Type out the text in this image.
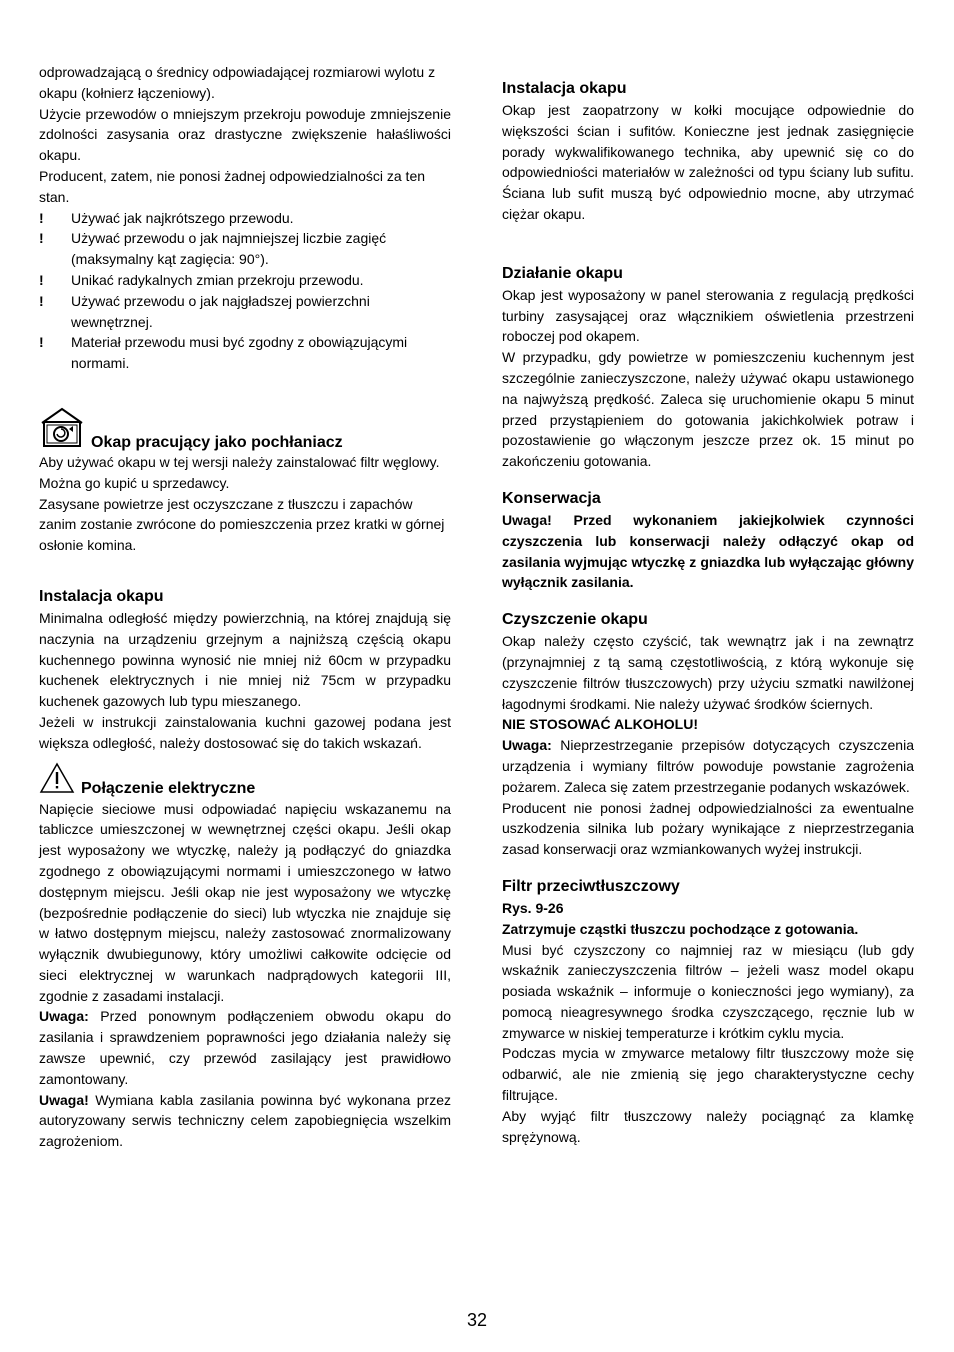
odprowadzającą o średnicy odpowiadającej rozmiarowi wylotu z okapu (kołnierz łączeniowy).

Użycie przewodów o mniejszym przekroju powoduje zmniejszenie zdolności zasysania oraz drastyczne zwiększenie hałaśliwości okapu.

Producent, zatem, nie ponosi żadnej odpowiedzialności za ten stan.

!	Używać jak najkrótszego przewodu.
!	Używać przewodu o jak najmniejszej liczbie zagięć (maksymalny kąt zagięcia: 90°).
!	Unikać radykalnych zmian przekroju przewodu.
!	Używać przewodu o jak najgładszej powierzchni wewnętrznej.
!	Materiał przewodu musi być zgodny z obowiązującymi normami.
Okap pracujący jako pochłaniacz

Aby używać okapu w tej wersji należy zainstalować filtr węglowy.

Można go kupić u sprzedawcy.

Zasysane powietrze jest oczyszczane z tłuszczu i zapachów zanim zostanie zwrócone do pomieszczenia przez kratki w górnej osłonie komina.

Instalacja okapu

Minimalna odległość między powierzchnią, na której znajdują się naczynia na urządzeniu grzejnym a najniższą częścią okapu kuchennego powinna wynosić nie mniej niż 60cm w przypadku kuchenek elektrycznych i nie mniej niż 75cm w przypadku kuchenek gazowych lub typu mieszanego.

Jeżeli w instrukcji zainstalowania kuchni gazowej podana jest większa odległość, należy dostosować się do takich wskazań.

Połączenie elektryczne

Napięcie sieciowe musi odpowiadać napięciu wskazanemu na tabliczce umieszczonej w wewnętrznej części okapu. Jeśli okap jest wyposażony we wtyczkę, należy ją podłączyć do gniazdka zgodnego z obowiązującymi normami i umieszczonego w łatwo dostępnym miejscu. Jeśli okap nie jest wyposażony we wtyczkę (bezpośrednie podłączenie do sieci) lub wtyczka nie znajduje się w łatwo dostępnym miejscu, należy zastosować znormalizowany wyłącznik dwubiegunowy, który umożliwi całkowite odcięcie od sieci elektrycznej w warunkach nadprądowych kategorii III, zgodnie z zasadami instalacji.

Uwaga: Przed ponownym podłączeniem obwodu okapu do zasilania i sprawdzeniem poprawności jego działania należy się zawsze upewnić, czy przewód zasilający jest prawidłowo zamontowany.

Uwaga! Wymiana kabla zasilania powinna być wykonana przez autoryzowany serwis techniczny celem zapobiegnięcia wszelkim zagrożeniom.

Instalacja okapu

Okap jest zaopatrzony w kołki mocujące odpowiednie do większości ścian i sufitów. Konieczne jest jednak zasięgnięcie porady wykwalifikowanego technika, aby upewnić się co do odpowiedniości materiałów w zależności od typu ściany lub sufitu. Ściana lub sufit muszą być odpowiednio mocne, aby utrzymać ciężar okapu.

Działanie okapu

Okap jest wyposażony w panel sterowania z regulacją prędkości turbiny zasysającej oraz włącznikiem oświetlenia przestrzeni roboczej pod okapem.

W przypadku, gdy powietrze w pomieszczeniu kuchennym jest szczególnie zanieczyszczone, należy używać okapu ustawionego na najwyższą prędkość. Zaleca się uruchomienie okapu 5 minut przed przystąpieniem do gotowania jakichkolwiek potraw i pozostawienie go włączonym jeszcze przez ok. 15 minut po zakończeniu gotowania.

Konserwacja

Uwaga! Przed wykonaniem jakiejkolwiek czynności czyszczenia lub konserwacji należy odłączyć okap od zasilania wyjmując wtyczkę z gniazdka lub wyłączając główny wyłącznik zasilania.

Czyszczenie okapu

Okap należy często czyścić, tak wewnątrz jak i na zewnątrz (przynajmniej z tą samą częstotliwością, z którą wykonuje się czyszczenie filtrów tłuszczowych) przy użyciu szmatki nawilżonej łagodnymi środkami. Nie należy używać środków ściernych.

NIE STOSOWAĆ ALKOHOLU!

Uwaga: Nieprzestrzeganie przepisów dotyczących czyszczenia urządzenia i wymiany filtrów powoduje powstanie zagrożenia pożarem. Zaleca się zatem przestrzeganie podanych wskazówek.

Producent nie ponosi żadnej odpowiedzialności za ewentualne uszkodzenia silnika lub pożary wynikające z nieprzestrzegania zasad konserwacji oraz wzmiankowanych wyżej instrukcji.

Filtr przeciwtłuszczowy

Rys. 9-26

Zatrzymuje cząstki tłuszczu pochodzące z gotowania.

Musi być czyszczony co najmniej raz w miesiącu (lub gdy wskaźnik zanieczyszczenia filtrów – jeżeli wasz model okapu posiada wskaźnik – informuje o konieczności jego wymiany), za pomocą nieagresywnego środka czyszczącego, ręcznie lub w zmywarce w niskiej temperaturze i krótkim cyklu mycia.

Podczas mycia w zmywarce metalowy filtr tłuszczowy może się odbarwić, ale nie zmienią się jego charakterystyczne cechy filtrujące.

Aby wyjąć filtr tłuszczowy należy pociągnąć za klamkę sprężynową.

32
